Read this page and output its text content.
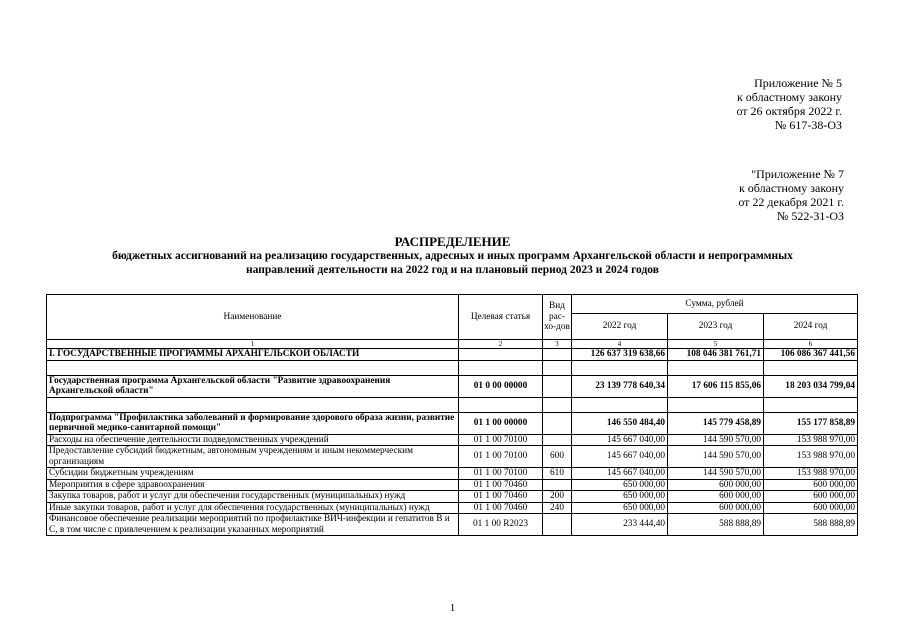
Приложение № 5
к областному закону
от 26 октября 2022 г.
№ 617-38-ОЗ
"Приложение № 7
к областному закону
от 22 декабря 2021 г.
№ 522-31-ОЗ
РАСПРЕДЕЛЕНИЕ
бюджетных ассигнований на реализацию государственных, адресных и иных программ Архангельской области и непрограммных
направлений деятельности на 2022 год и на плановый период 2023 и 2024 годов
Наименование	Целевая статья	Вид рас-хо-дов	Сумма, рублей		
			2022 год	2023 год	2024 год
1	2	3	4	5	6
I. ГОСУДАРСТВЕННЫЕ ПРОГРАММЫ АРХАНГЕЛЬСКОЙ ОБЛАСТИ			126 637 319 638,66	108 046 381 761,71	106 086 367 441,56

Государственная программа Архангельской области "Развитие здравоохранения Архангельской области"	01 0 00 00000		23 139 778 640,34	17 606 115 855,06	18 203 034 799,04

Подпрограмма "Профилактика заболеваний и формирование здорового образа жизни, развитие первичной медико-санитарной помощи"	01 1 00 00000		146 550 484,40	145 779 458,89	155 177 858,89
Расходы на обеспечение деятельности подведомственных учреждений	01 1 00 70100		145 667 040,00	144 590 570,00	153 988 970,00
Предоставление субсидий бюджетным, автономным учреждениям и иным некоммерческим организациям	01 1 00 70100	600	145 667 040,00	144 590 570,00	153 988 970,00
Субсидии бюджетным учреждениям	01 1 00 70100	610	145 667 040,00	144 590 570,00	153 988 970,00
Мероприятия в сфере здравоохранения	01 1 00 70460		650 000,00	600 000,00	600 000,00
Закупка товаров, работ и услуг для обеспечения государственных (муниципальных) нужд	01 1 00 70460	200	650 000,00	600 000,00	600 000,00
Иные закупки товаров, работ и услуг для обеспечения государственных (муниципальных) нужд	01 1 00 70460	240	650 000,00	600 000,00	600 000,00
Финансовое обеспечение реализации мероприятий по профилактике ВИЧ-инфекции и гепатитов B и C, в том числе с привлечением к реализации указанных мероприятий	01 1 00 R2023		233 444,40	588 888,89	588 888,89
1
